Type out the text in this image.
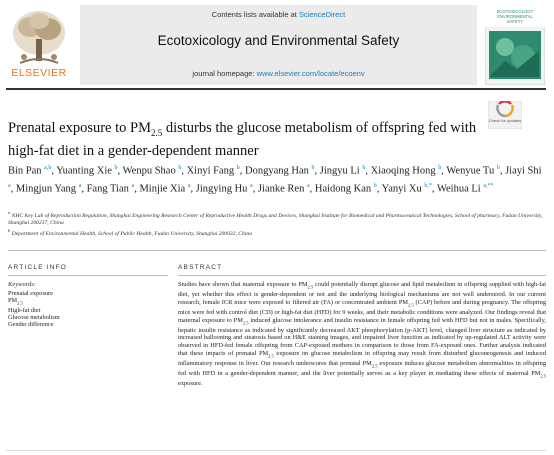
Contents lists available at ScienceDirect
Ecotoxicology and Environmental Safety
journal homepage: www.elsevier.com/locate/ecoenv
ELSEVIER
ECOTOXICOLOGY
ENVIRONMENTAL
SAFETY
Prenatal exposure to $PM_{2.5}$ disturbs the glucose metabolism of offspring fed with high-fat diet in a gender-dependent manner
Check for updates
Bin Pan $^{a,b}$, Yuanting Xie $^b$, Wenpu Shao $^b$, Xinyi Fang $^b$, Dongyang Han $^b$, Jingyu Li $^b$, Xiaoqing Hong $^b$, Wenyue Tu $^b$, Jiayi Shi $^a$, Mingjun Yang $^a$, Fang Tian $^a$, Minjie Xia $^a$, Jingying Hu $^a$, Jianke Ren $^a$, Haidong Kan $^b$, Yanyi Xu $^{b,*}$, Weihua Li $^{a,**}$
$^a$ NHC Key Lab of Reproduction Regulation, Shanghai Engineering Research Center of Reproductive Health Drugs and Devices, Shanghai Institute for Biomedical and Pharmaceutical Technologies, School of pharmacy, Fudan University, Shanghai 200237, China
$^b$ Department of Environmental Health, School of Public Health, Fudan University, Shanghai 200032, China
ARTICLE INFO
Keywords:
Prenatal exposure
$PM_{2.5}$
High-fat diet
Glucose metabolism
Gender difference
ABSTRACT
Studies have shown that maternal exposure to $PM_{2.5}$ could potentially disrupt glucose and lipid metabolism in offspring supplied with high-fat diet, yet whether this effect is gender-dependent or not and the underlying biological mechanisms are not well understood. In our current research, female ICR mice were exposed to filtered air (FA) or concentrated ambient $PM_{2.5}$ (CAP) before and during pregnancy. The offspring mice were fed with control diet (CD) or high-fat diet (HFD) for 9 weeks, and their metabolic conditions were analyzed. Our findings reveal that maternal exposure to $PM_{2.5}$ induced glucose intolerance and insulin resistance in female offspring fed with HFD but not in males. Specifically, hepatic insulin resistance as indicated by significantly decreased AKT phosphorylation (p-AKT) level, changed liver structure as indicated by increased ballooning and steatosis based on H&E staining images, and impaired liver function as indicated by up-regulated ALT activity were observed in HFD-fed female offspring from CAP-exposed mothers in comparison to those from FA-exposed ones. Further analysis indicated that these impacts of prenatal $PM_{2.5}$ exposure on glucose metabolism in offspring may result from disturbed gluconeogenesis and induced inflammatory response in liver. Our research underscores that prenatal $PM_{2.5}$ exposure induces glucose metabolism abnormalities in offspring fed with HFD in a gender-dependent manner, and the liver potentially serves as a key player in mediating these effects of maternal $PM_{2.5}$ exposure.
